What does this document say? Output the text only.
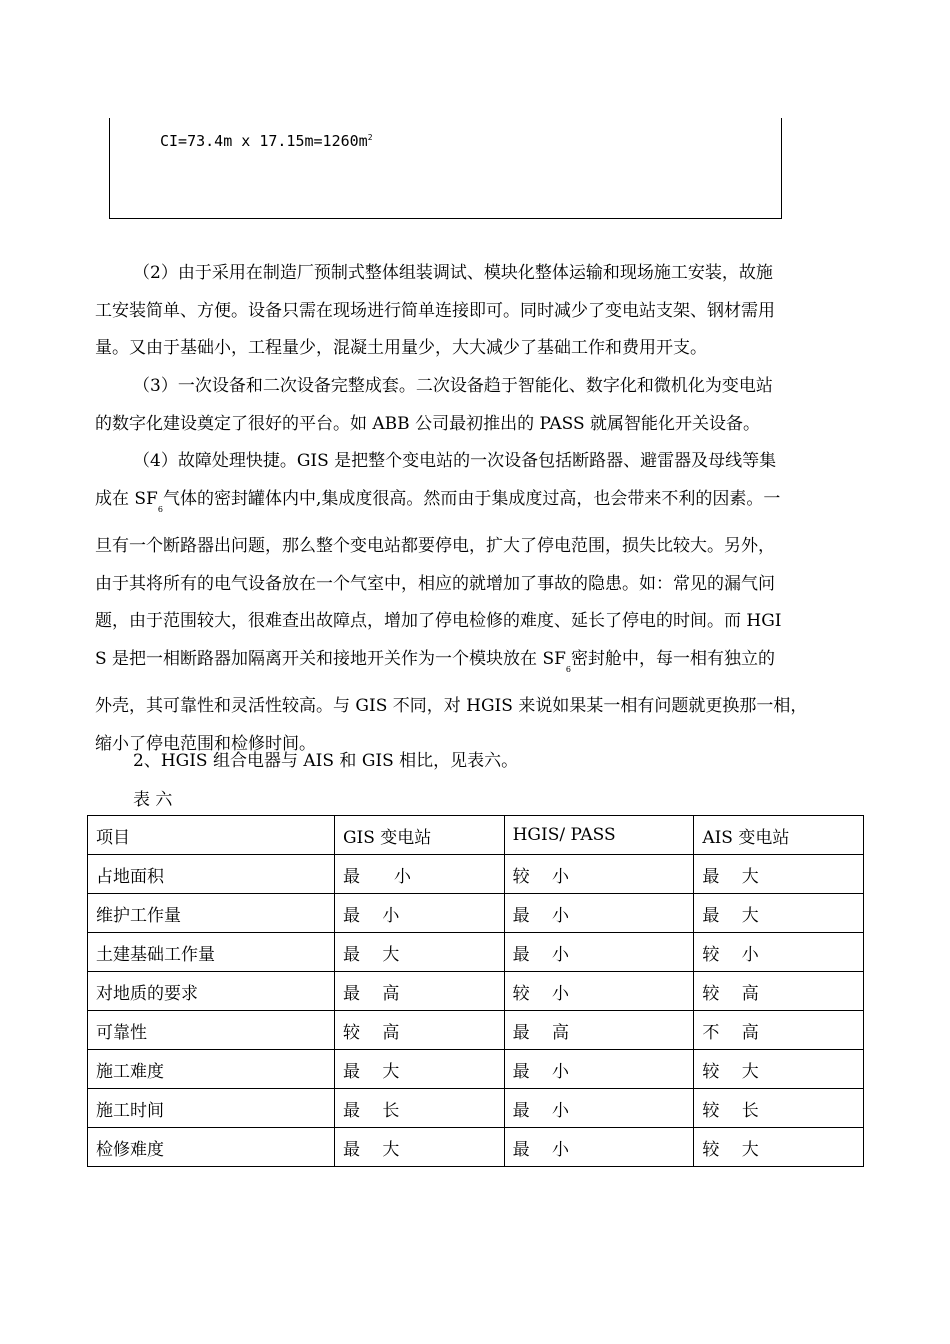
CI=73.4m x $17.15m=1260m^2$
（2）由于采用在制造厂预制式整体组装调试、模块化整体运输和现场施工安装，故施
工安装简单、方便。设备只需在现场进行简单连接即可。同时减少了变电站支架、钢材需用
量。又由于基础小，工程量少，混凝土用量少，大大减少了基础工作和费用开支。
（3）一次设备和二次设备完整成套。二次设备趋于智能化、数字化和微机化为变电站
的数字化建设奠定了很好的平台。如 ABB 公司最初推出的 PASS 就属智能化开关设备。
（4）故障处理快捷。GIS 是把整个变电站的一次设备包括断路器、避雷器及母线等集
成在 $SF_6$气体的密封罐体内中,集成度很高。然而由于集成度过高，也会带来不利的因素。一
旦有一个断路器出问题，那么整个变电站都要停电，扩大了停电范围，损失比较大。另外，
由于其将所有的电气设备放在一个气室中，相应的就增加了事故的隐患。如：常见的漏气问
题，由于范围较大，很难查出故障点，增加了停电检修的难度、延长了停电的时间。而 HGI
S 是把一相断路器加隔离开关和接地开关作为一个模块放在 $SF_6$密封舱中，每一相有独立的
外壳，其可靠性和灵活性较高。与 GIS 不同，对 HGIS 来说如果某一相有问题就更换那一相，
缩小了停电范围和检修时间。
2、HGIS 组合电器与 AIS 和 GIS 相比，见表六。
表 六
项目	GIS 变电站	HGIS/ PASS	AIS 变电站
占地面积	最　　小	较　 小	最　 大
维护工作量	最　 小	最　 小	最　 大
土建基础工作量	最　 大	最　 小	较　 小
对地质的要求	最　 高	较　 小	较　 高
可靠性	较　 高	最　 高	不　 高
施工难度	最　 大	最　 小	较　 大
施工时间	最　 长	最　 小	较　 长
检修难度	最　 大	最　 小	较　 大
